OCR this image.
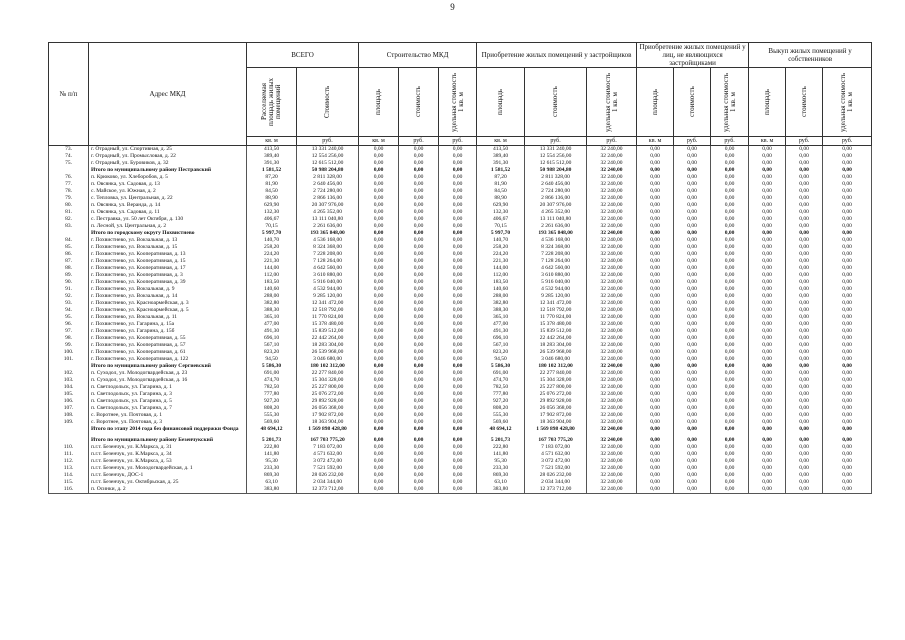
9
№ п/п	Адрес МКД	ВСЕГО		Строительство МКД			Приобретение жилых помещений у застройщиков			Приобретение жилых помещений у лиц, не являющихся застройщиками			Выкуп жилых помещений у собственников		

		Расселяемая площадь жилых помещений	Стоимость	площадь	стоимость	удельная стоимость 1 кв. м	площадь	стоимость	удельная стоимость 1 кв. м	площадь	стоимость	удельная стоимость 1 кв. м	площадь	стоимость	удельная стоимость 1 кв. м

		кв. м	руб.	кв. м	руб.	руб.	кв. м	руб.	руб.	кв. м	руб.	руб.	кв. м	руб.	руб.
73.	г. Отрадный, ул. Спортивная, д. 25	413,50	13 331 240,00	0,00	0,00	0,00	413,50	13 331 240,00	32 240,00	0,00	0,00	0,00	0,00	0,00	0,00
74.	г. Отрадный, ул. Промысловая, д. 22	389,40	12 554 256,00	0,00	0,00	0,00	389,40	12 554 256,00	32 240,00	0,00	0,00	0,00	0,00	0,00	0,00
75.	г. Отрадный, ул. Буровиков, д. 32	391,30	12 615 512,00	0,00	0,00	0,00	391,30	12 615 512,00	32 240,00	0,00	0,00	0,00	0,00	0,00	0,00
	Итого по муниципальному району Пестравский	1 581,52	50 988 204,80	0,00	0,00	0,00	1 581,52	50 988 204,80	32 240,00	0,00	0,00	0,00	0,00	0,00	0,00
76.	п. Крюково, ул. Хлеборобов, д. 5	87,20	2 811 328,00	0,00	0,00	0,00	87,20	2 811 328,00	32 240,00	0,00	0,00	0,00	0,00	0,00	0,00
77.	п. Овсянка, ул. Садовая, д. 13	81,90	2 640 456,00	0,00	0,00	0,00	81,90	2 640 456,00	32 240,00	0,00	0,00	0,00	0,00	0,00	0,00
78.	с. Майское, ул. Южная, д. 2	84,50	2 724 280,00	0,00	0,00	0,00	84,50	2 724 280,00	32 240,00	0,00	0,00	0,00	0,00	0,00	0,00
79.	с. Тепловка, ул. Центральная, д. 22	88,90	2 866 136,00	0,00	0,00	0,00	88,90	2 866 136,00	32 240,00	0,00	0,00	0,00	0,00	0,00	0,00
80.	п. Овсянка, ул. Веранда, д. 14	629,90	20 307 976,00	0,00	0,00	0,00	629,90	20 307 976,00	32 240,00	0,00	0,00	0,00	0,00	0,00	0,00
81.	п. Овсянка, ул. Садовая, д. 11	132,30	4 265 352,00	0,00	0,00	0,00	132,30	4 265 352,00	32 240,00	0,00	0,00	0,00	0,00	0,00	0,00
82.	с. Пестравка, ул. 50 лет Октября, д. 130	406,67	13 111 040,80	0,00	0,00	0,00	406,67	13 111 040,80	32 240,00	0,00	0,00	0,00	0,00	0,00	0,00
83.	п. Лесной, ул. Центральная, д. 2	70,15	2 261 636,00	0,00	0,00	0,00	70,15	2 261 636,00	32 240,00	0,00	0,00	0,00	0,00	0,00	0,00
	Итого по городскому округу Похвистнево	5 997,70	193 365 848,00	0,00	0,00	0,00	5 997,70	193 365 848,00	32 240,00	0,00	0,00	0,00	0,00	0,00	0,00
84.	г. Похвистнево, ул. Вокзальная, д. 13	140,70	4 536 168,00	0,00	0,00	0,00	140,70	4 536 168,00	32 240,00	0,00	0,00	0,00	0,00	0,00	0,00
85.	г. Похвистнево, ул. Вокзальная, д. 15	258,20	8 324 368,00	0,00	0,00	0,00	258,20	8 324 368,00	32 240,00	0,00	0,00	0,00	0,00	0,00	0,00
86.	г. Похвистнево, ул. Кооперативная, д. 13	224,20	7 228 208,00	0,00	0,00	0,00	224,20	7 228 208,00	32 240,00	0,00	0,00	0,00	0,00	0,00	0,00
87.	г. Похвистнево, ул. Кооперативная, д. 15	221,30	7 128 264,00	0,00	0,00	0,00	221,30	7 128 264,00	32 240,00	0,00	0,00	0,00	0,00	0,00	0,00
88.	г. Похвистнево, ул. Кооперативная, д. 17	144,00	4 642 560,00	0,00	0,00	0,00	144,00	4 642 560,00	32 240,00	0,00	0,00	0,00	0,00	0,00	0,00
89.	г. Похвистнево, ул. Кооперативная, д. 3	112,00	3 610 880,00	0,00	0,00	0,00	112,00	3 610 880,00	32 240,00	0,00	0,00	0,00	0,00	0,00	0,00
90.	г. Похвистнево, ул. Кооперативная, д. 39	183,50	5 916 040,00	0,00	0,00	0,00	183,50	5 916 040,00	32 240,00	0,00	0,00	0,00	0,00	0,00	0,00
91.	г. Похвистнево, ул. Вокзальная, д. 9	140,60	4 532 944,00	0,00	0,00	0,00	140,60	4 532 944,00	32 240,00	0,00	0,00	0,00	0,00	0,00	0,00
92.	г. Похвистнево, ул. Вокзальная, д. 14	288,00	9 285 120,00	0,00	0,00	0,00	288,00	9 285 120,00	32 240,00	0,00	0,00	0,00	0,00	0,00	0,00
93.	г. Похвистнево, ул. Красноармейская, д. 3	382,80	12 341 472,00	0,00	0,00	0,00	382,80	12 341 472,00	32 240,00	0,00	0,00	0,00	0,00	0,00	0,00
94.	г. Похвистнево, ул. Красноармейская, д. 5	388,30	12 518 792,00	0,00	0,00	0,00	388,30	12 518 792,00	32 240,00	0,00	0,00	0,00	0,00	0,00	0,00
95.	г. Похвистнево, ул. Вокзальная, д. 11	365,10	11 770 824,00	0,00	0,00	0,00	365,10	11 770 824,00	32 240,00	0,00	0,00	0,00	0,00	0,00	0,00
96.	г. Похвистнево, ул. Гагарина, д. 15а	477,00	15 378 480,00	0,00	0,00	0,00	477,00	15 378 480,00	32 240,00	0,00	0,00	0,00	0,00	0,00	0,00
97.	г. Похвистнево, ул. Гагарина, д. 15б	491,30	15 839 512,00	0,00	0,00	0,00	491,30	15 839 512,00	32 240,00	0,00	0,00	0,00	0,00	0,00	0,00
98.	г. Похвистнево, ул. Кооперативная, д. 55	696,10	22 442 264,00	0,00	0,00	0,00	696,10	22 442 264,00	32 240,00	0,00	0,00	0,00	0,00	0,00	0,00
99.	г. Похвистнево, ул. Кооперативная, д. 57	567,10	18 283 304,00	0,00	0,00	0,00	567,10	18 283 304,00	32 240,00	0,00	0,00	0,00	0,00	0,00	0,00
100.	г. Похвистнево, ул. Кооперативная, д. 61	823,20	26 539 968,00	0,00	0,00	0,00	823,20	26 539 968,00	32 240,00	0,00	0,00	0,00	0,00	0,00	0,00
101.	г. Похвистнево, ул. Кооперативная, д. 122	94,50	3 046 680,00	0,00	0,00	0,00	94,50	3 046 680,00	32 240,00	0,00	0,00	0,00	0,00	0,00	0,00
	Итого по муниципальному району Сергиевский	5 586,30	180 102 312,00	0,00	0,00	0,00	5 586,30	180 102 312,00	32 240,00	0,00	0,00	0,00	0,00	0,00	0,00
102.	п. Суходол, ул. Молодогвардейская, д. 23	691,00	22 277 840,00	0,00	0,00	0,00	691,00	22 277 840,00	32 240,00	0,00	0,00	0,00	0,00	0,00	0,00
103.	п. Суходол, ул. Молодогвардейская, д. 16	474,70	15 304 328,00	0,00	0,00	0,00	474,70	15 304 328,00	32 240,00	0,00	0,00	0,00	0,00	0,00	0,00
104.	п. Светлодольск, ул. Гагарина, д. 1	782,50	25 227 800,00	0,00	0,00	0,00	782,50	25 227 800,00	32 240,00	0,00	0,00	0,00	0,00	0,00	0,00
105.	п. Светлодольск, ул. Гагарина, д. 3	777,80	25 076 272,00	0,00	0,00	0,00	777,80	25 076 272,00	32 240,00	0,00	0,00	0,00	0,00	0,00	0,00
106.	п. Светлодольск, ул. Гагарина, д. 5	927,20	29 892 928,00	0,00	0,00	0,00	927,20	29 892 928,00	32 240,00	0,00	0,00	0,00	0,00	0,00	0,00
107.	п. Светлодольск, ул. Гагарина, д. 7	808,20	26 056 368,00	0,00	0,00	0,00	808,20	26 056 368,00	32 240,00	0,00	0,00	0,00	0,00	0,00	0,00
108.	с. Воротнее, ул. Почтовая, д. 1	555,30	17 902 872,00	0,00	0,00	0,00	555,30	17 902 872,00	32 240,00	0,00	0,00	0,00	0,00	0,00	0,00
109.	с. Воротнее, ул. Почтовая, д. 3	569,60	18 363 904,00	0,00	0,00	0,00	569,60	18 363 904,00	32 240,00	0,00	0,00	0,00	0,00	0,00	0,00
	Итого по этапу 2014 года без финансовой поддержки Фонда	48 694,12	1 569 898 428,80	0,00	0,00	0,00	48 694,12	1 569 898 428,80	32 240,00	0,00	0,00	0,00	0,00	0,00	0,00

	Итого по муниципальному району Безенчукский	5 201,73	167 703 775,20	0,00	0,00	0,00	5 201,73	167 703 775,20	32 240,00	0,00	0,00	0,00	0,00	0,00	0,00
110.	п.г.т. Безенчук, ул. К.Маркса, д. 31	222,80	7 183 072,00	0,00	0,00	0,00	222,80	7 183 072,00	32 240,00	0,00	0,00	0,00	0,00	0,00	0,00
111.	п.г.т. Безенчук, ул. К.Маркса, д. 34	141,80	4 571 632,00	0,00	0,00	0,00	141,80	4 571 632,00	32 240,00	0,00	0,00	0,00	0,00	0,00	0,00
112.	п.г.т. Безенчук, ул. К.Маркса, д. 53	95,30	3 072 472,00	0,00	0,00	0,00	95,30	3 072 472,00	32 240,00	0,00	0,00	0,00	0,00	0,00	0,00
113.	п.г.т. Безенчук, ул. Молодогвардейская, д. 1	233,30	7 521 592,00	0,00	0,00	0,00	233,30	7 521 592,00	32 240,00	0,00	0,00	0,00	0,00	0,00	0,00
114.	п.г.т. Безенчук, ДОС-1	869,30	28 026 232,00	0,00	0,00	0,00	869,30	28 026 232,00	32 240,00	0,00	0,00	0,00	0,00	0,00	0,00
115.	п.г.т. Безенчук, ул. Октябрьская, д. 25	63,10	2 034 344,00	0,00	0,00	0,00	63,10	2 034 344,00	32 240,00	0,00	0,00	0,00	0,00	0,00	0,00
116.	п. Осинки, д. 2	383,80	12 373 712,00	0,00	0,00	0,00	383,80	12 373 712,00	32 240,00	0,00	0,00	0,00	0,00	0,00	0,00
